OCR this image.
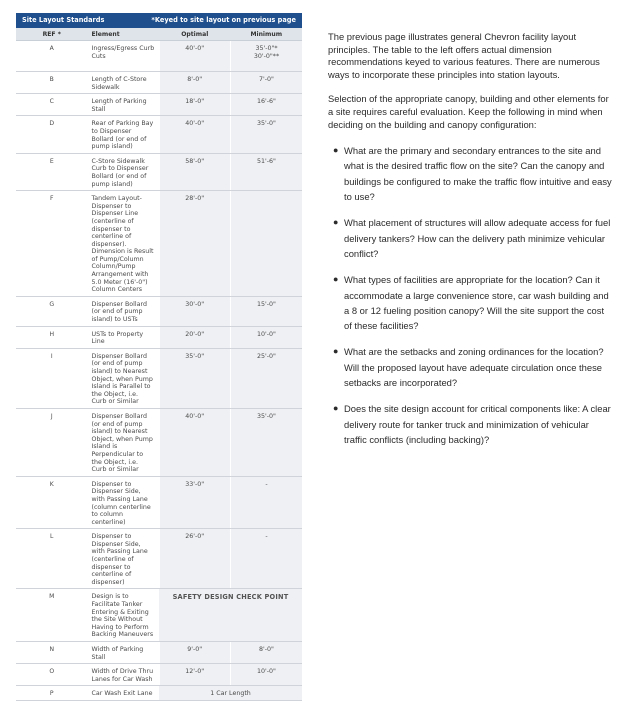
Site Layout Standards *Keyed to site layout on previous page			

REF *	Element	Optimal	Minimum
A	Ingress/Egress Curb Cuts	40'-0"	35'-0"*
30'-0"**

B	Length of C-Store Sidewalk	8'-0"	7'-0"

C	Length of Parking Stall	18'-0"	16'-6"

D	Rear of Parking Bay to Dispenser Bollard (or end of pump island)	40'-0"	35'-0"

E	C-Store Sidewalk Curb to Dispenser Bollard (or end of pump island)	58'-0"	51'-6"

F	Tandem Layout-Dispenser to Dispenser Line (centerline of dispenser to centerline of dispenser). Dimension is Result of Pump/Column Column/Pump Arrangement with 5.0 Meter (16'-0") Column Centers	28'-0"	

G	Dispenser Bollard (or end of pump island) to USTs	30'-0"	15'-0"

H	USTs to Property Line	20'-0"	10'-0"

I	Dispenser Bollard (or end of pump island) to Nearest Object, when Pump Island is Parallel to the Object, i.e. Curb or Similar	35'-0"	25'-0"

J	Dispenser Bollard (or end of pump island) to Nearest Object, when Pump Island is Perpendicular to the Object, i.e. Curb or Similar	40'-0"	35'-0"

K	Dispenser to Dispenser Side, with Passing Lane (column centerline to column centerline)	33'-0"	-

L	Dispenser to Dispenser Side, with Passing Lane (centerline of dispenser to centerline of dispenser)	26'-0"	-

M	Design is to Facilitate Tanker Entering & Exiting the Site Without Having to Perform Backing Maneuvers	SAFETY DESIGN CHECK POINT	
N	Width of Parking Stall	9'-0"	8'-0"

O	Width of Drive Thru Lanes for Car Wash	12'-0"	10'-0"

P	Car Wash Exit Lane	1 Car Length	

The previous page illustrates general Chevron facility layout principles. The table to the left offers actual dimension recommendations keyed to various features. There are numerous ways to incorporate these principles into station layouts.

Selection of the appropriate canopy, building and other elements for a site requires careful evaluation. Keep the following in mind when deciding on the building and canopy configuration:

● What are the primary and secondary entrances to the site and what is the desired traffic flow on the site? Can the canopy and buildings be configured to make the traffic flow intuitive and easy to use?
● What placement of structures will allow adequate access for fuel delivery tankers? How can the delivery path minimize vehicular conflict?
● What types of facilities are appropriate for the location? Can it accommodate a large convenience store, car wash building and a 8 or 12 fueling position canopy? Will the site support the cost of these facilities?
● What are the setbacks and zoning ordinances for the location? Will the proposed layout have adequate circulation once these setbacks are incorporated?
● Does the site design account for critical components like: A clear delivery route for tanker truck and minimization of vehicular traffic conflicts (including backing)?
